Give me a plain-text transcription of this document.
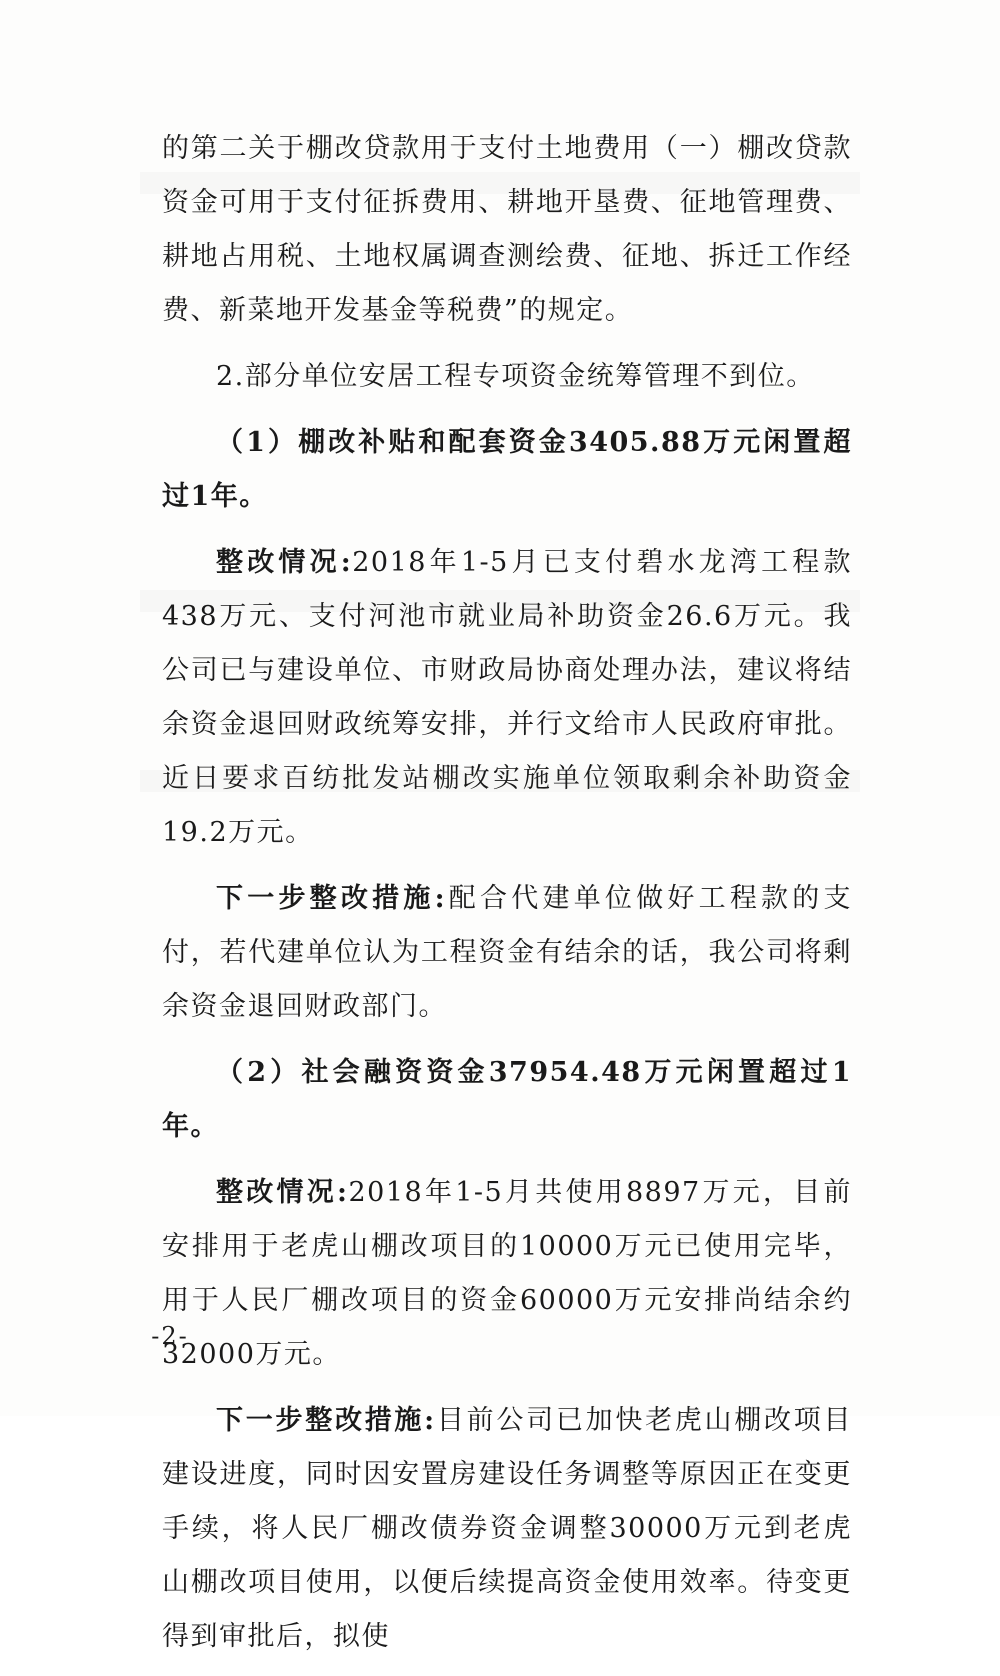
的第二关于棚改贷款用于支付土地费用（一）棚改贷款资金可用于支付征拆费用、耕地开垦费、征地管理费、耕地占用税、土地权属调查测绘费、征地、拆迁工作经费、新菜地开发基金等税费”的规定。

2.部分单位安居工程专项资金统筹管理不到位。

（1）棚改补贴和配套资金3405.88万元闲置超过1年。

整改情况:2018年1-5月已支付碧水龙湾工程款438万元、支付河池市就业局补助资金26.6万元。我公司已与建设单位、市财政局协商处理办法，建议将结余资金退回财政统筹安排，并行文给市人民政府审批。近日要求百纺批发站棚改实施单位领取剩余补助资金19.2万元。

下一步整改措施:配合代建单位做好工程款的支付，若代建单位认为工程资金有结余的话，我公司将剩余资金退回财政部门。

（2）社会融资资金37954.48万元闲置超过1年。

整改情况:2018年1-5月共使用8897万元，目前安排用于老虎山棚改项目的10000万元已使用完毕，用于人民厂棚改项目的资金60000万元安排尚结余约32000万元。

下一步整改措施:目前公司已加快老虎山棚改项目建设进度，同时因安置房建设任务调整等原因正在变更手续，将人民厂棚改债券资金调整30000万元到老虎山棚改项目使用，以便后续提高资金使用效率。待变更得到审批后，拟使

-2-
